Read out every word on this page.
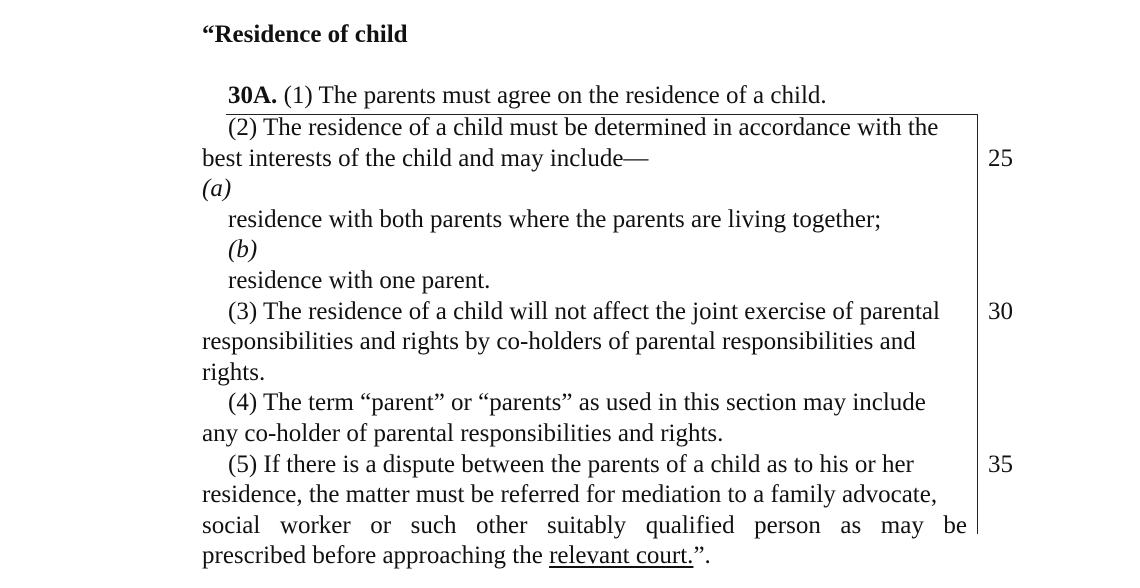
“Residence of child
30A. (1) The parents must agree on the residence of a child.
(2) The residence of a child must be determined in accordance with the
best interests of the child and may include—
(a)
residence with both parents where the parents are living together;
(b)
residence with one parent.
(3) The residence of a child will not affect the joint exercise of parental
responsibilities and rights by co-holders of parental responsibilities and
rights.
(4) The term “parent” or “parents” as used in this section may include
any co-holder of parental responsibilities and rights.
(5) If there is a dispute between the parents of a child as to his or her
residence, the matter must be referred for mediation to a family advocate,
social worker or such other suitably qualified person as may be
prescribed before approaching the relevant court.”.
25
30
35
